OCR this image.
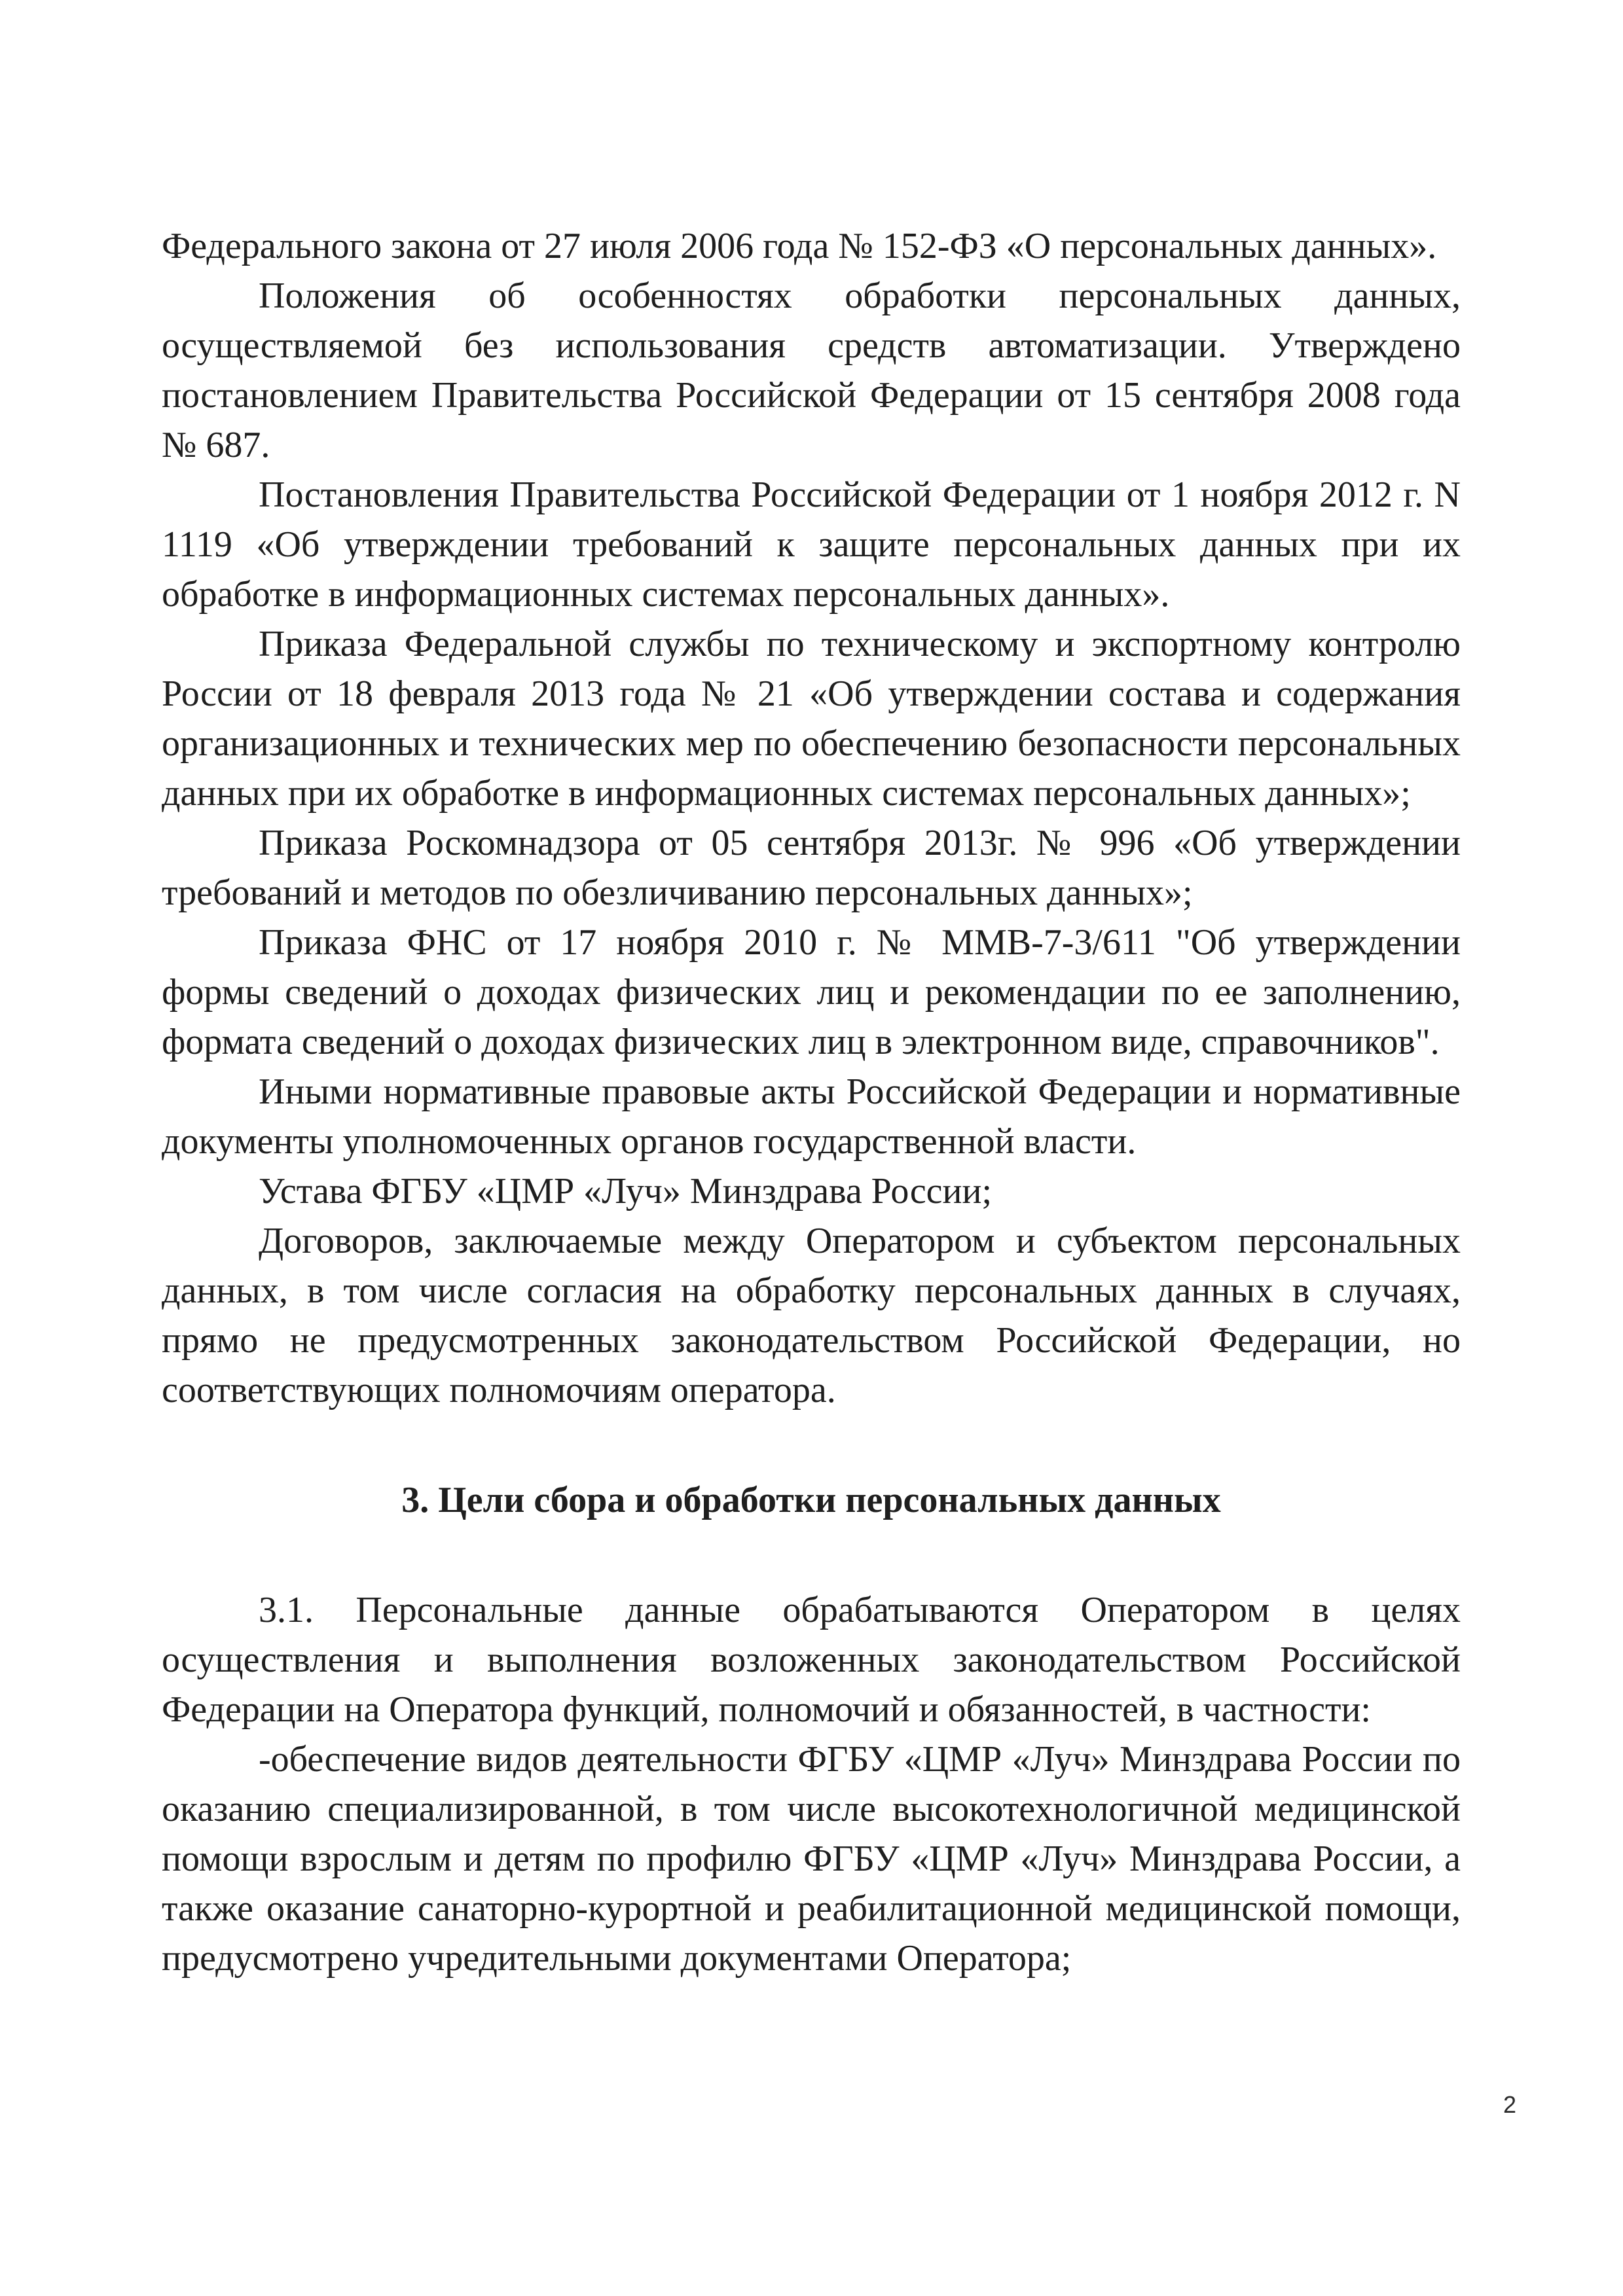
Федерального закона от 27 июля 2006 года № 152-ФЗ «О персональных данных».

Положения об особенностях обработки персональных данных, осуществляемой без использования средств автоматизации. Утверждено постановлением Правительства Российской Федерации от 15 сентября 2008 года № 687.

Постановления Правительства Российской Федерации от 1 ноября 2012 г. N 1119 «Об утверждении требований к защите персональных данных при их обработке в информационных системах персональных данных».

Приказа Федеральной службы по техническому и экспортному контролю России от 18 февраля 2013 года № 21 «Об утверждении состава и содержания организационных и технических мер по обеспечению безопасности персональных данных при их обработке в информационных системах персональных данных»;

Приказа Роскомнадзора от 05 сентября 2013г. № 996 «Об утверждении требований и методов по обезличиванию персональных данных»;

Приказа ФНС от 17 ноября 2010 г. № ММВ-7-3/611 "Об утверждении формы сведений о доходах физических лиц и рекомендации по ее заполнению, формата сведений о доходах физических лиц в электронном виде, справочников".

Иными нормативные правовые акты Российской Федерации и нормативные документы уполномоченных органов государственной власти.

Устава ФГБУ «ЦМР «Луч» Минздрава России;

Договоров, заключаемые между Оператором и субъектом персональных данных, в том числе согласия на обработку персональных данных в случаях, прямо не предусмотренных законодательством Российской Федерации, но соответствующих полномочиям оператора.

3. Цели сбора и обработки персональных данных

3.1. Персональные данные обрабатываются Оператором в целях осуществления и выполнения возложенных законодательством Российской Федерации на Оператора функций, полномочий и обязанностей, в частности:

-обеспечение видов деятельности ФГБУ «ЦМР «Луч» Минздрава России по оказанию специализированной, в том числе высокотехнологичной медицинской помощи взрослым и детям по профилю ФГБУ «ЦМР «Луч» Минздрава России, а также оказание санаторно-курортной и реабилитационной медицинской помощи, предусмотрено учредительными документами Оператора;

2
